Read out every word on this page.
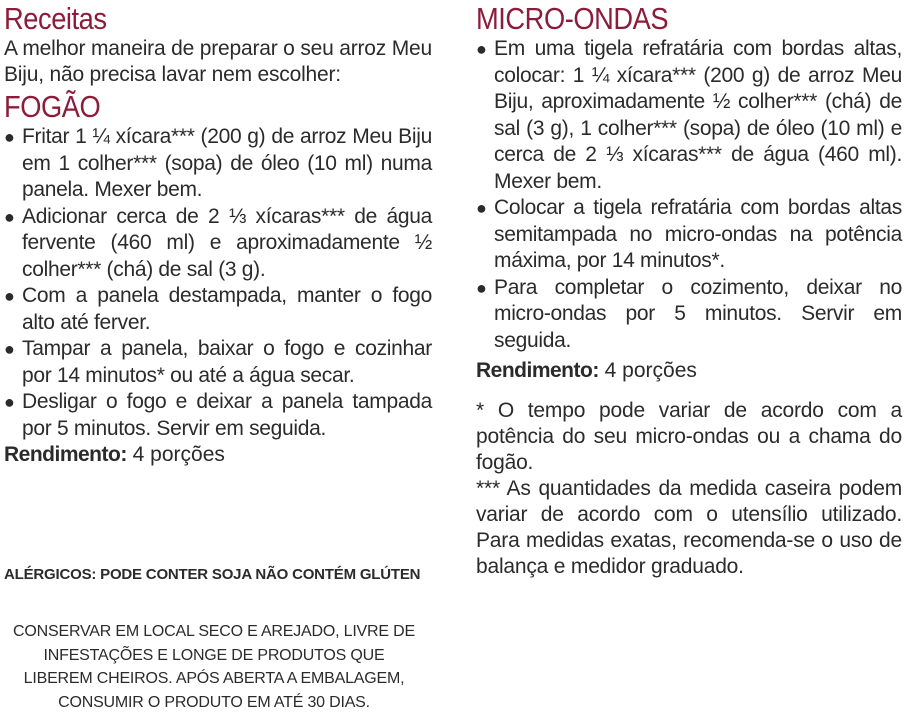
Receitas

A melhor maneira de preparar o seu arroz Meu Biju, não precisa lavar nem escolher:

FOGÃO
● Fritar 1 ¼ xícara*** (200 g) de arroz Meu Biju em 1 colher*** (sopa) de óleo (10 ml) numa panela. Mexer bem.
● Adicionar cerca de 2 ⅓ xícaras*** de água fervente (460 ml) e aproximadamente ½ colher*** (chá) de sal (3 g).
● Com a panela destampada, manter o fogo alto até ferver.
● Tampar a panela, baixar o fogo e cozinhar por 14 minutos* ou até a água secar.
● Desligar o fogo e deixar a panela tampada por 5 minutos. Servir em seguida.

Rendimento: 4 porções

ALÉRGICOS: PODE CONTER SOJA NÃO CONTÉM GLÚTEN
CONSERVAR EM LOCAL SECO E AREJADO, LIVRE DE
INFESTAÇÕES E LONGE DE PRODUTOS QUE
LIBEREM CHEIROS. APÓS ABERTA A EMBALAGEM,
CONSUMIR O PRODUTO EM ATÉ 30 DIAS.
MICRO-ONDAS
● Em uma tigela refratária com bordas altas, colocar: 1 ¼ xícara*** (200 g) de arroz Meu Biju, aproximadamente ½ colher*** (chá) de sal (3 g), 1 colher*** (sopa) de óleo (10 ml) e cerca de 2 ⅓ xícaras*** de água (460 ml). Mexer bem.
● Colocar a tigela refratária com bordas altas semitampada no micro-ondas na potência máxima, por 14 minutos*.
● Para completar o cozimento, deixar no micro-ondas por 5 minutos. Servir em seguida.

Rendimento: 4 porções

* O tempo pode variar de acordo com a potência do seu micro-ondas ou a chama do fogão.

*** As quantidades da medida caseira podem variar de acordo com o utensílio utilizado. Para medidas exatas, recomenda-se o uso de balança e medidor graduado.
